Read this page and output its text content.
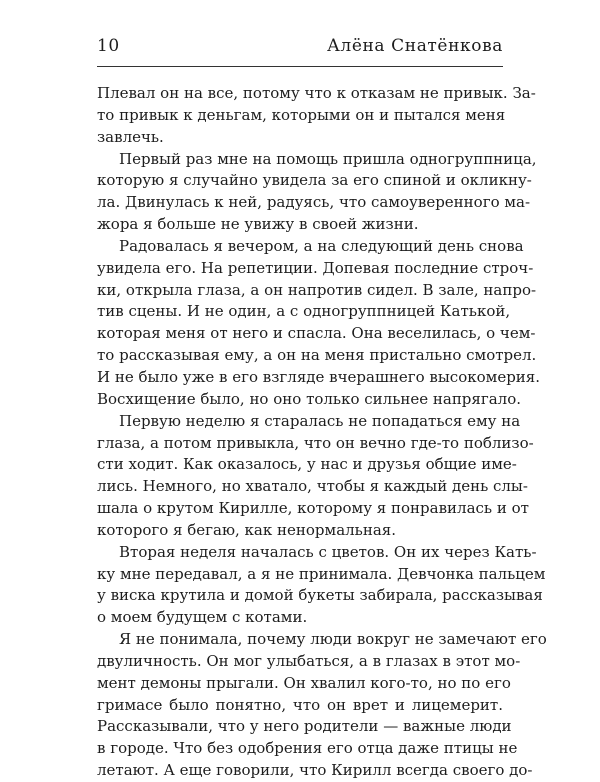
10	Алёна Снатёнкова
Плевал он на все, потому что к отказам не привык. За-
то привык к деньгам, которыми он и пытался меня
завлечь.
Первый раз мне на помощь пришла одногруппница,
которую я случайно увидела за его спиной и окликну-
ла. Двинулась к ней, радуясь, что самоуверенного ма-
жора я больше не увижу в своей жизни.
Радовалась я вечером, а на следующий день снова
увидела его. На репетиции. Допевая последние строч-
ки, открыла глаза, а он напротив сидел. В зале, напро-
тив сцены. И не один, а с одногруппницей Катькой,
которая меня от него и спасла. Она веселилась, о чем-
то рассказывая ему, а он на меня пристально смотрел.
И не было уже в его взгляде вчерашнего высокомерия.
Восхищение было, но оно только сильнее напрягало.
Первую неделю я старалась не попадаться ему на
глаза, а потом привыкла, что он вечно где-то поблизо-
сти ходит. Как оказалось, у нас и друзья общие име-
лись. Немного, но хватало, чтобы я каждый день слы-
шала о крутом Кирилле, которому я понравилась и от
которого я бегаю, как ненормальная.
Вторая неделя началась с цветов. Он их через Кать-
ку мне передавал, а я не принимала. Девчонка пальцем
у виска крутила и домой букеты забирала, рассказывая
о моем будущем с котами.
Я не понимала, почему люди вокруг не замечают его
двуличность. Он мог улыбаться, а в глазах в этот мо-
мент демоны прыгали. Он хвалил кого-то, но по его
гримасе было понятно, что он врет и лицемерит.
Рассказывали, что у него родители — важные люди
в городе. Что без одобрения его отца даже птицы не
летают. А еще говорили, что Кирилл всегда своего до-
